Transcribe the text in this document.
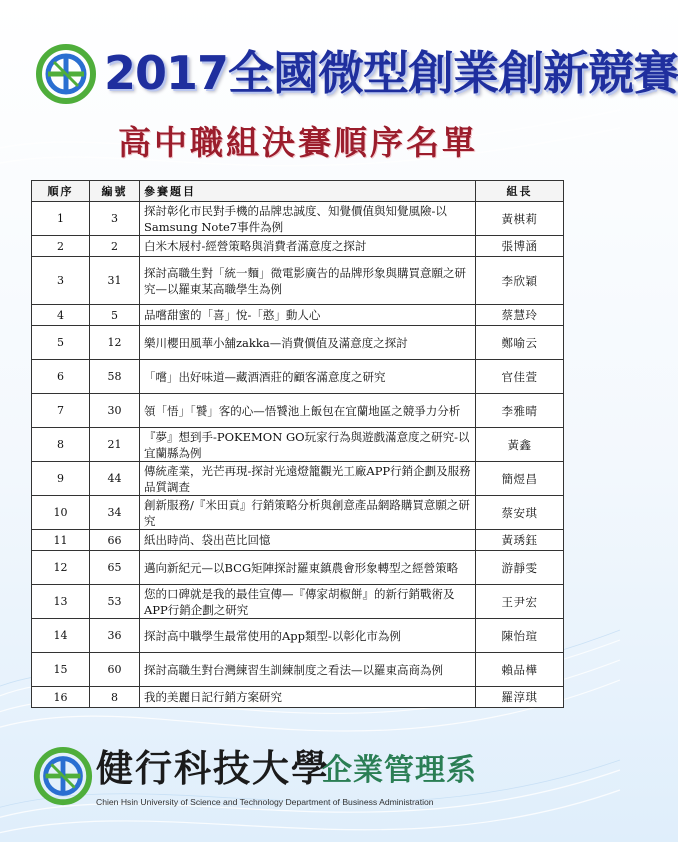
2017全國微型創業創新競賽
高中職組決賽順序名單
順序	編號	參賽題目	組長
1	3	探討彰化市民對手機的品牌忠誠度、知覺價值與知覺風險-以Samsung Note7事件為例	黃棋莉
2	2	白米木屐村-經營策略與消費者滿意度之探討	張博涵
3	31	探討高職生對「統一麵」微電影廣告的品牌形象與購買意願之研究—以羅東某高職學生為例	李欣穎
4	5	品嚐甜蜜的「喜」悅-「憨」動人心	蔡慧玲
5	12	樂川櫻田風華小舖zakka—消費價值及滿意度之探討	鄭喻云
6	58	「嚐」出好味道—藏酒酒莊的顧客滿意度之研究	官佳萱
7	30	領「悟」「饕」客的心—悟饕池上飯包在宜蘭地區之競爭力分析	李雅晴
8	21	『夢』想到手-POKEMON GO玩家行為與遊戲滿意度之研究-以宜蘭縣為例	黃鑫
9	44	傳統產業，光芒再現-探討光遠燈籠觀光工廠APP行銷企劃及服務品質調查	簡煜昌
10	34	創新服務/『米田貢』行銷策略分析與創意產品網路購買意願之研究	蔡安琪
11	66	紙出時尚、袋出芭比回憶	黃琇鈺
12	65	邁向新紀元—以BCG矩陣探討羅東鎮農會形象轉型之經營策略	游靜雯
13	53	您的口碑就是我的最佳宣傳—『傳家胡椒餅』的新行銷戰術及APP行銷企劃之研究	王尹宏
14	36	探討高中職學生最常使用的App類型-以彰化市為例	陳怡瑄
15	60	探討高職生對台灣練習生訓練制度之看法—以羅東高商為例	賴品樺
16	8	我的美麗日記行銷方案研究	羅淳琪
健行科技大學
企業管理系
Chien Hsin University of Science and Technology Department of Business Administration
